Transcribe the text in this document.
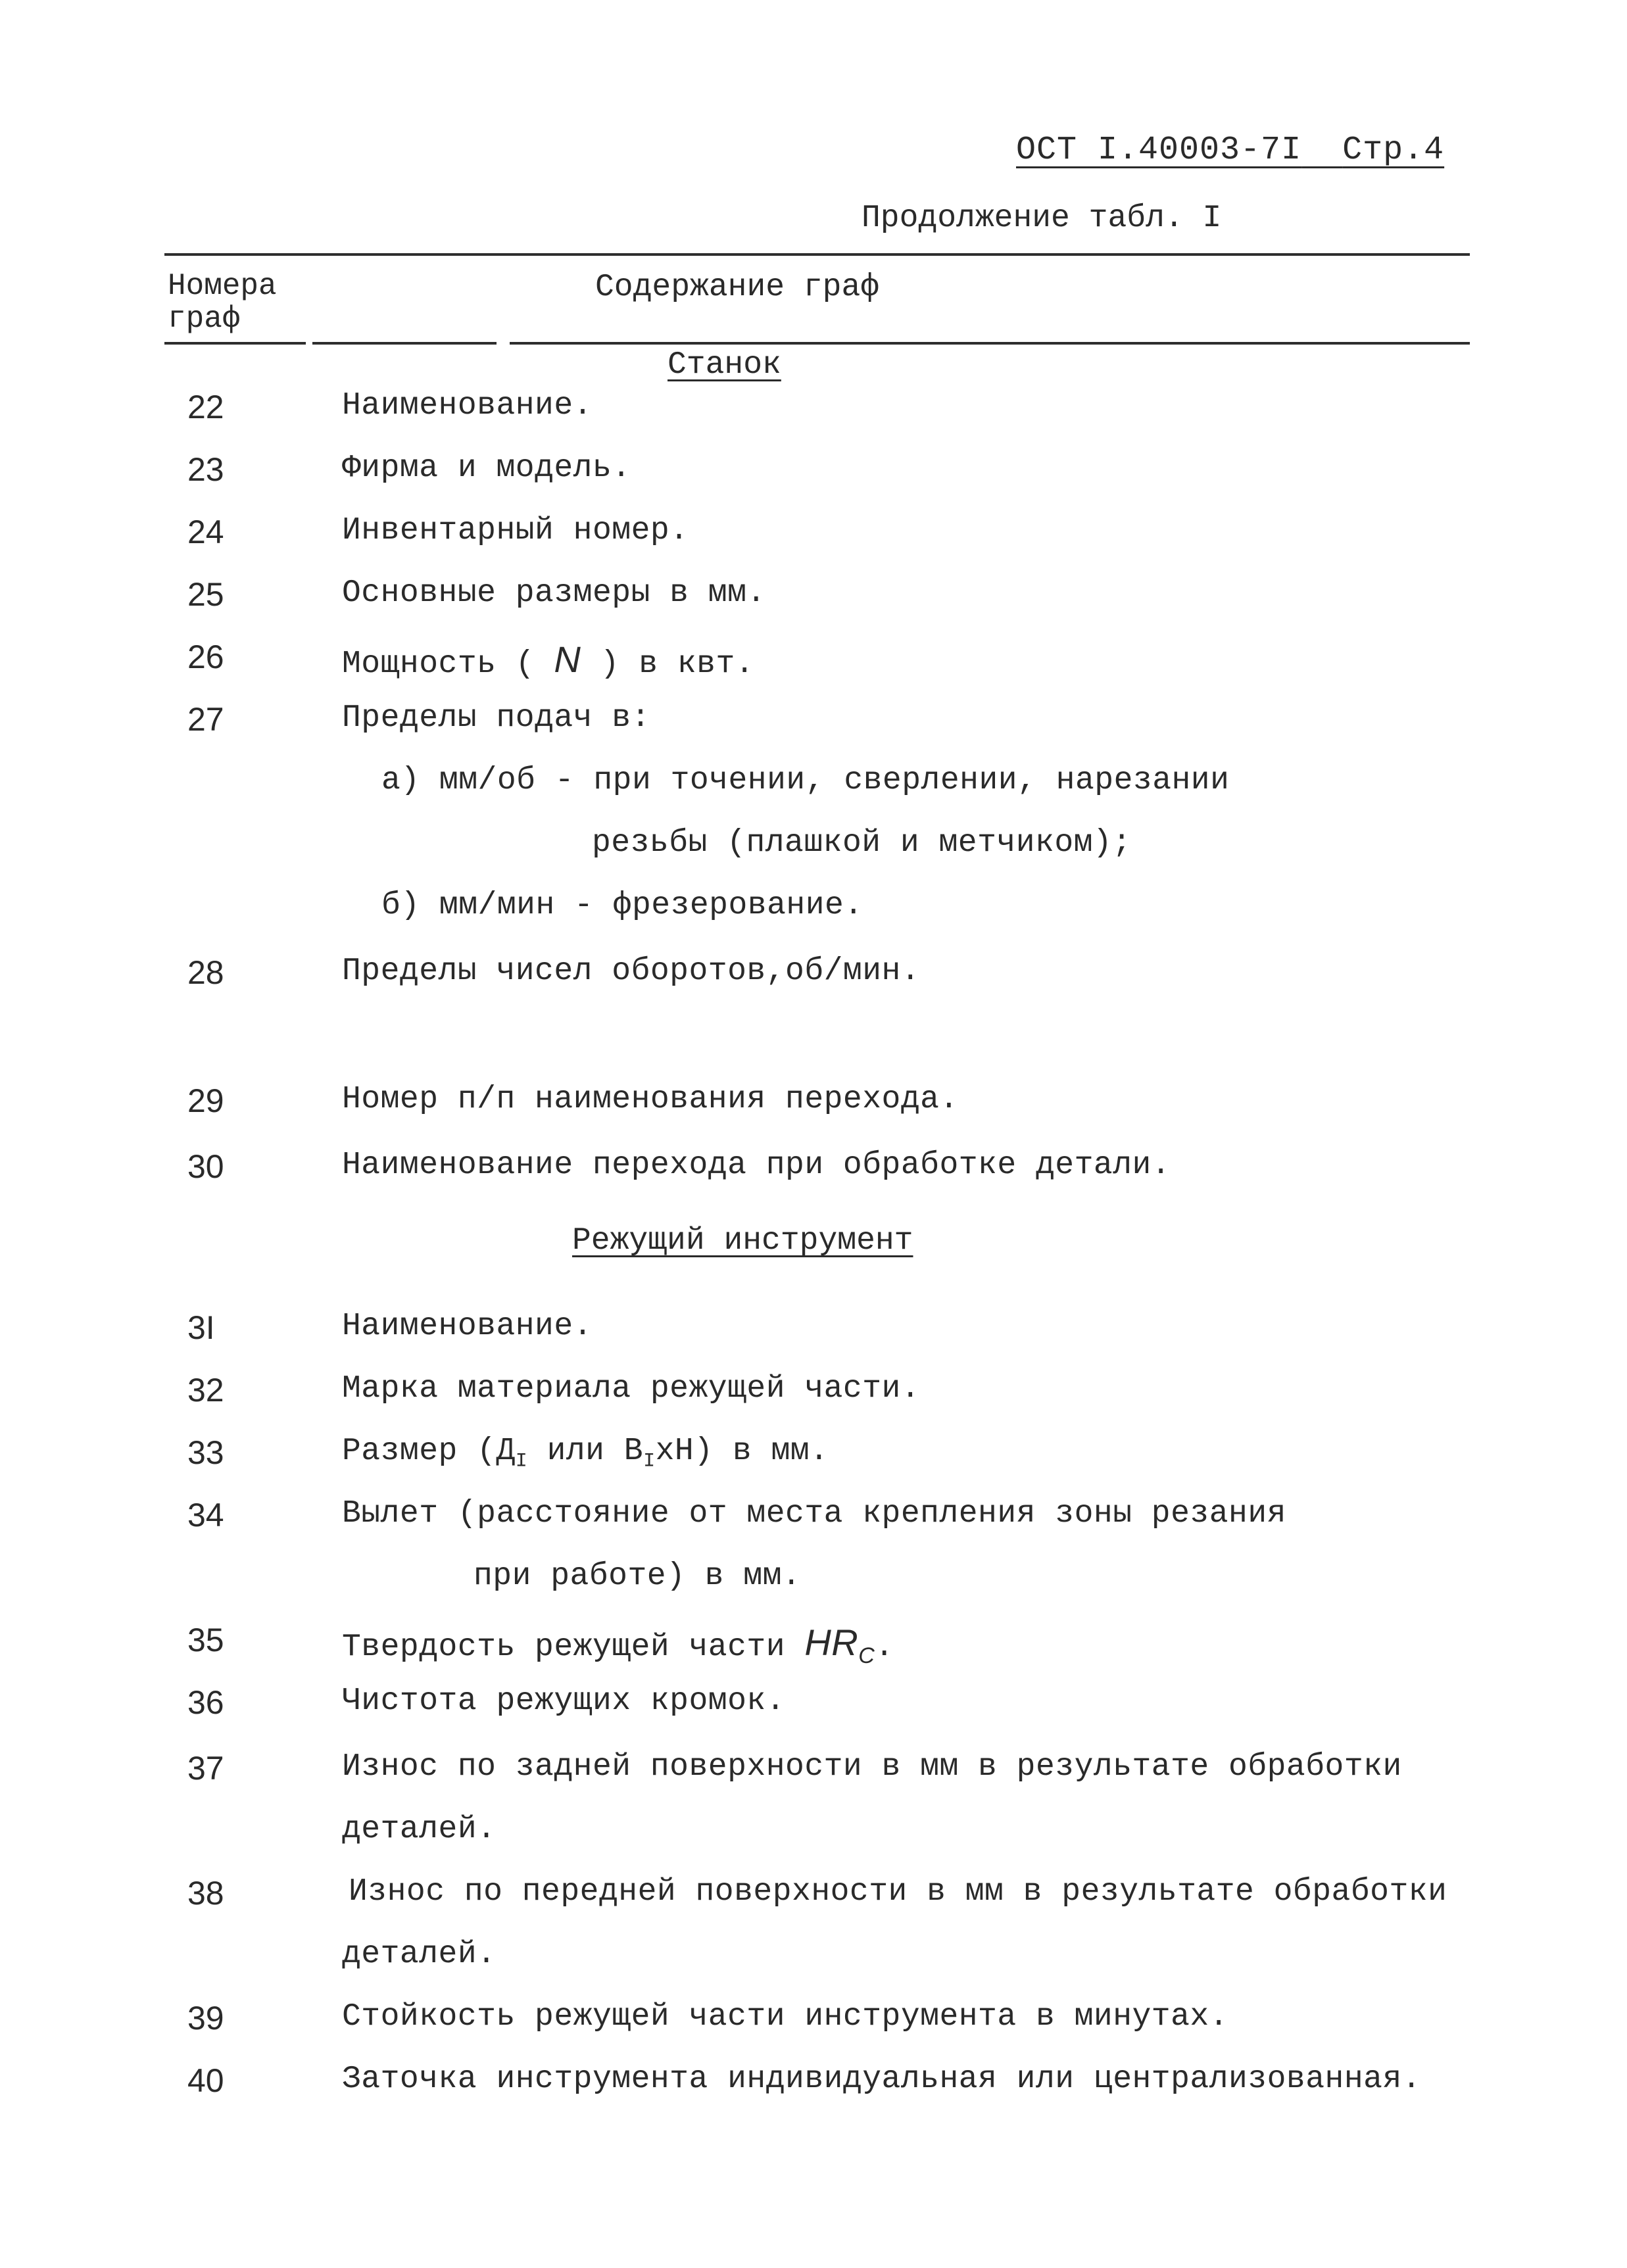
ОСТ I.40003-7I Стр.4
Продолжение табл. I
Номера
граф
Содержание граф
Станок
22	Наименование.
23	Фирма и модель.
24	Инвентарный номер.
25	Основные размеры в мм.
26	Мощность ( N ) в квт.
27	Пределы подач в:
а) мм/об - при точении, сверлении, нарезании
резьбы (плашкой и метчиком);
б) мм/мин - фрезерование.
28	Пределы чисел оборотов,об/мин.
29	Номер п/п наименования перехода.
30	Наименование перехода при обработке детали.
Режущий инструмент
3I	Наименование.
32	Марка материала режущей части.
33	Размер ($Д_I$ или $В_IхН$) в мм.
34	Вылет (расстояние от места крепления зоны резания
при работе) в мм.
35	Твердость режущей части $HR_C$.
36	Чистота режущих кромок.
37	Износ по задней поверхности в мм в результате обработки
деталей.
38	Износ по передней поверхности в мм в результате обработки
деталей.
39	Стойкость режущей части инструмента в минутах.
40	Заточка инструмента индивидуальная или централизованная.
